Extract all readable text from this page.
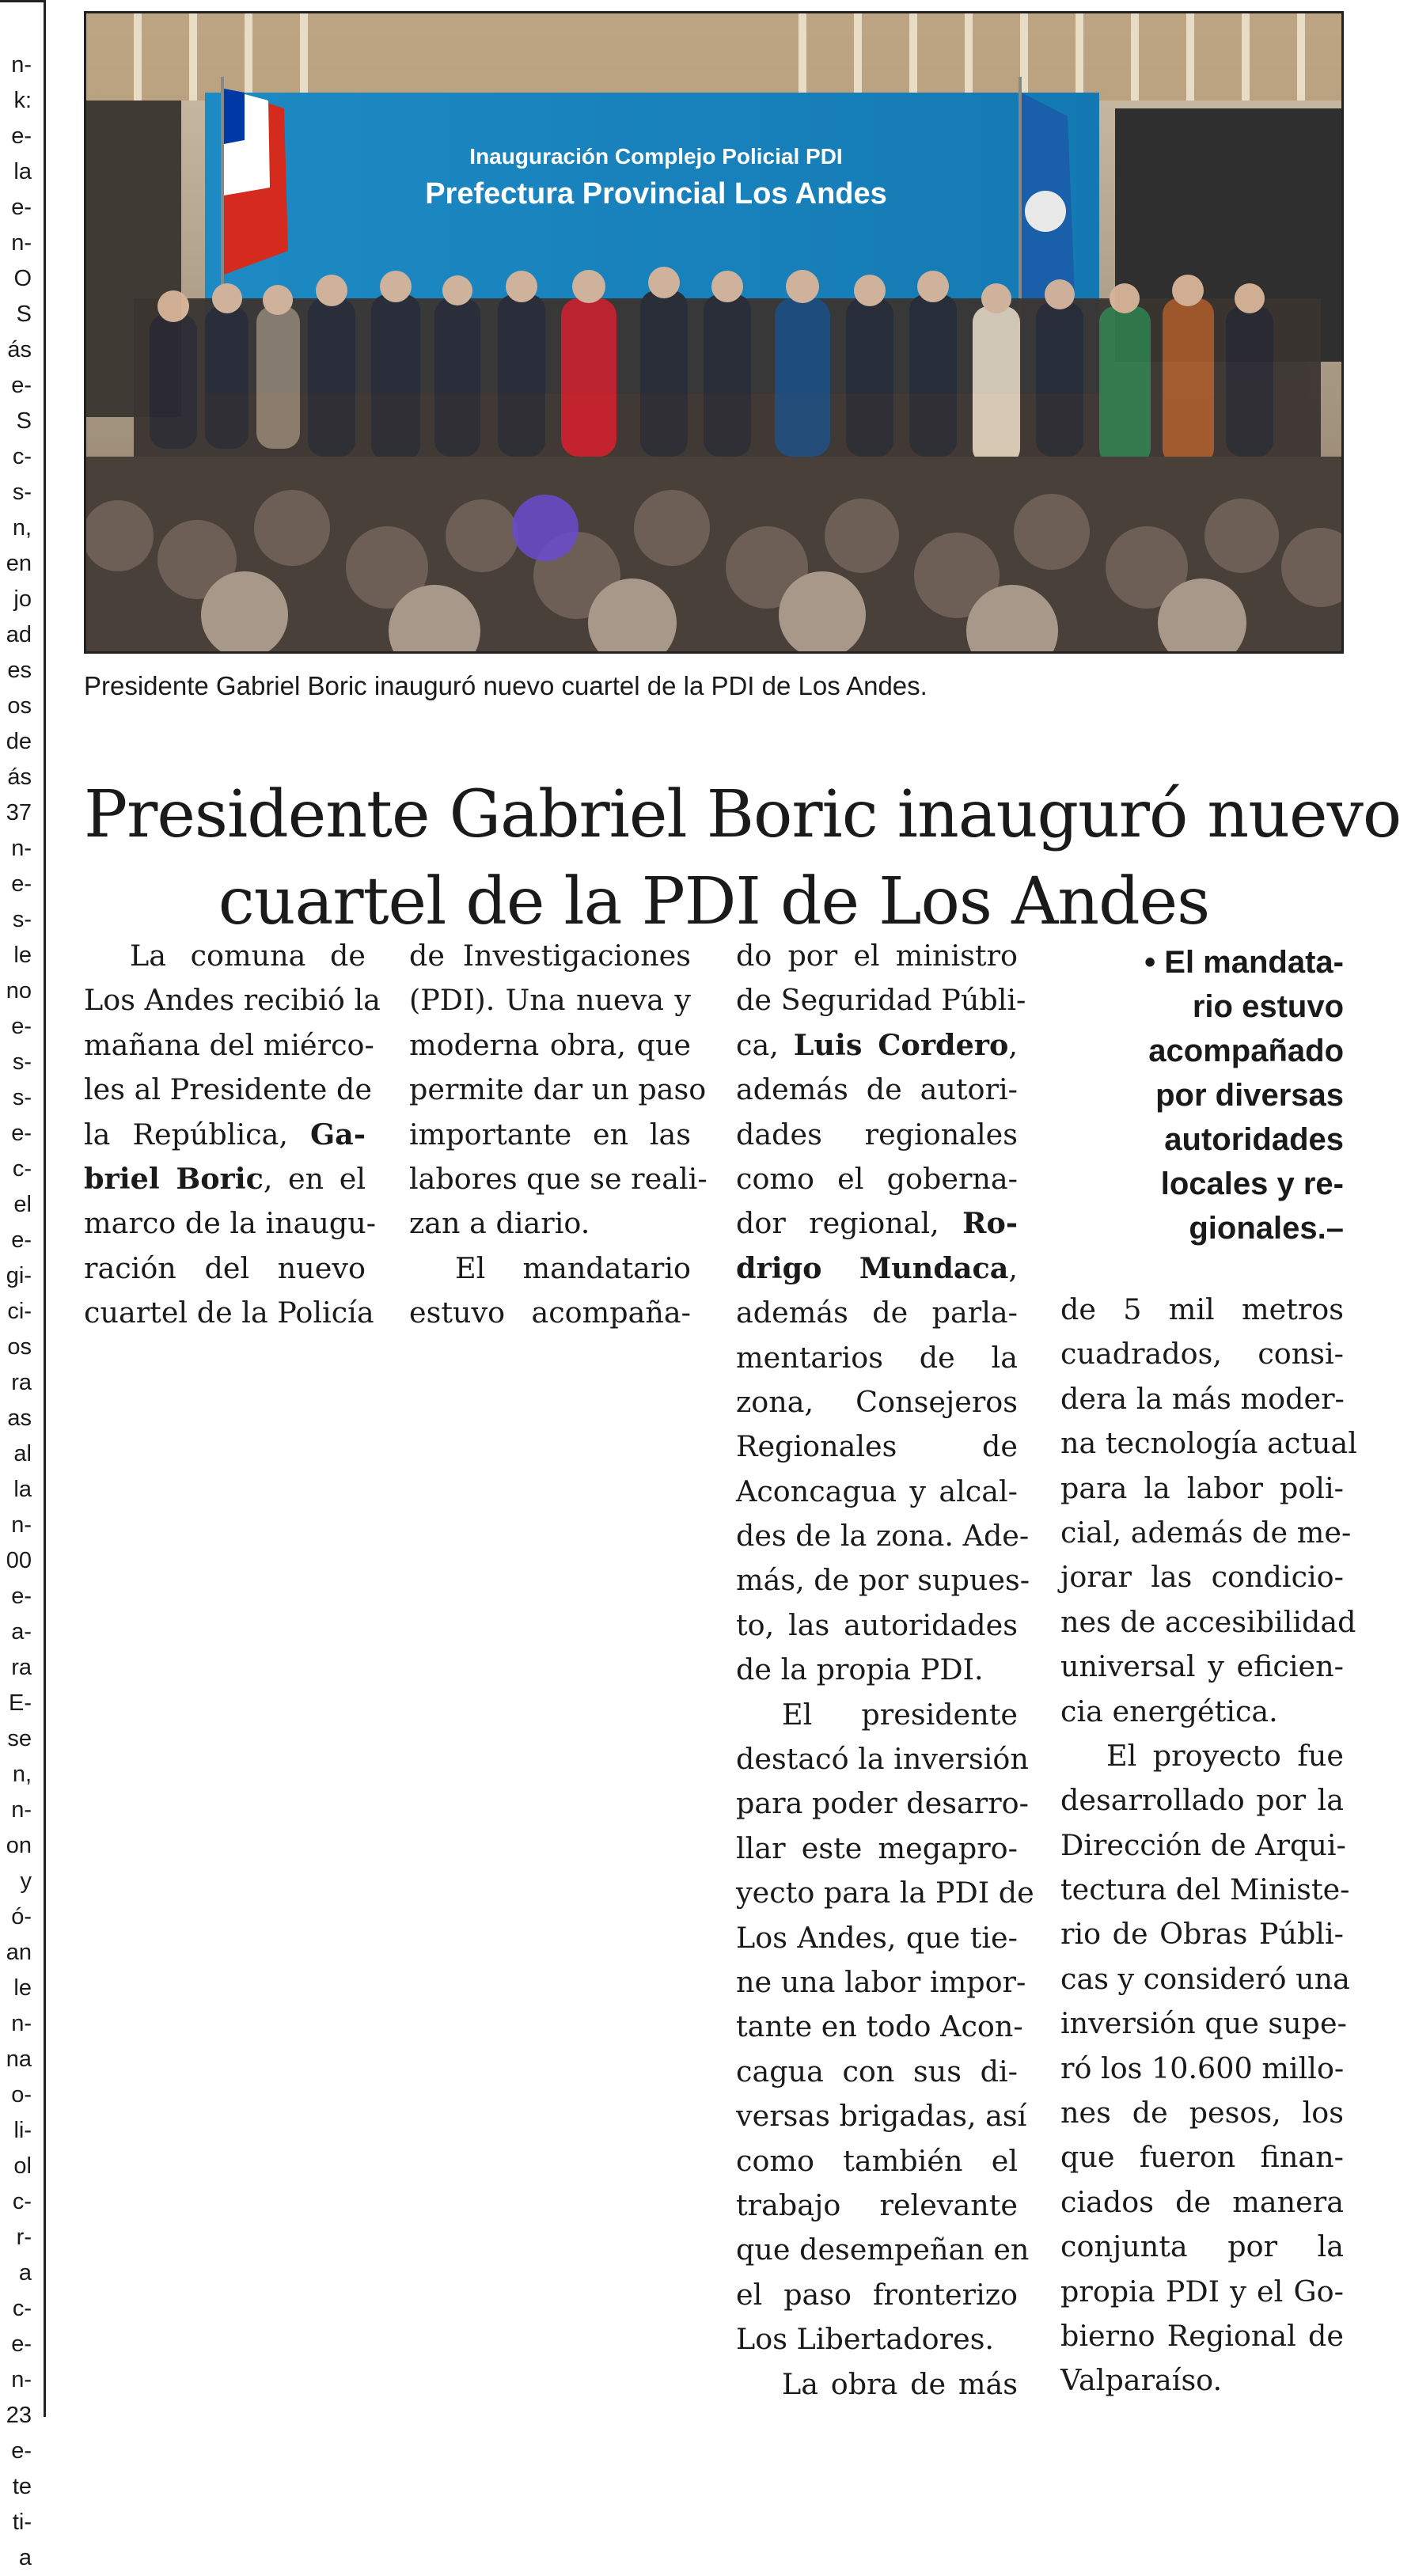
n-
k:
e-
la
e-
n-
O
S
ás
e-
S
c-
s-
n,
en
jo
ad
es
os
de
ás
37
n-
e-
s-
le
no
e-
s-
s-
e-
c-
el
e-
gi-
ci-
os
ra
as
al
la
n-
00
e-
a-
ra
E-
se
n,
n-
on
y
ó-
an
le
n-
na
o-
li-
ol
c-
r-
a
c-
e-
n-
23
e-
te
ti-
a
Inauguración Complejo Policial PDI
Prefectura Provincial Los Andes
Presidente Gabriel Boric inauguró nuevo cuartel de la PDI de Los Andes.
Presidente Gabriel Boric inauguró nuevo
cuartel de la PDI de Los Andes
• El mandata-
rio estuvo
acompañado
por diversas
autoridades
locales y re-
gionales.–
La comuna de
Los Andes recibió la
mañana del miérco-
les al Presidente de
la República, Ga-
briel Boric, en el
marco de la inaugu-
ración del nuevo
cuartel de la Policía
de Investigaciones
(PDI). Una nueva y
moderna obra, que
permite dar un paso
importante en las
labores que se reali-
zan a diario.
El mandatario
estuvo acompaña-
do por el ministro
de Seguridad Públi-
ca, Luis Cordero,
además de autori-
dades regionales
como el goberna-
dor regional, Ro-
drigo Mundaca,
además de parla-
mentarios de la
zona, Consejeros
Regionales de
Aconcagua y alcal-
des de la zona. Ade-
más, de por supues-
to, las autoridades
de la propia PDI.
El presidente
destacó la inversión
para poder desarro-
llar este megapro-
yecto para la PDI de
Los Andes, que tie-
ne una labor impor-
tante en todo Acon-
cagua con sus di-
versas brigadas, así
como también el
trabajo relevante
que desempeñan en
el paso fronterizo
Los Libertadores.
La obra de más
de 5 mil metros
cuadrados, consi-
dera la más moder-
na tecnología actual
para la labor poli-
cial, además de me-
jorar las condicio-
nes de accesibilidad
universal y eficien-
cia energética.
El proyecto fue
desarrollado por la
Dirección de Arqui-
tectura del Ministe-
rio de Obras Públi-
cas y consideró una
inversión que supe-
ró los 10.600 millo-
nes de pesos, los
que fueron finan-
ciados de manera
conjunta por la
propia PDI y el Go-
bierno Regional de
Valparaíso.
